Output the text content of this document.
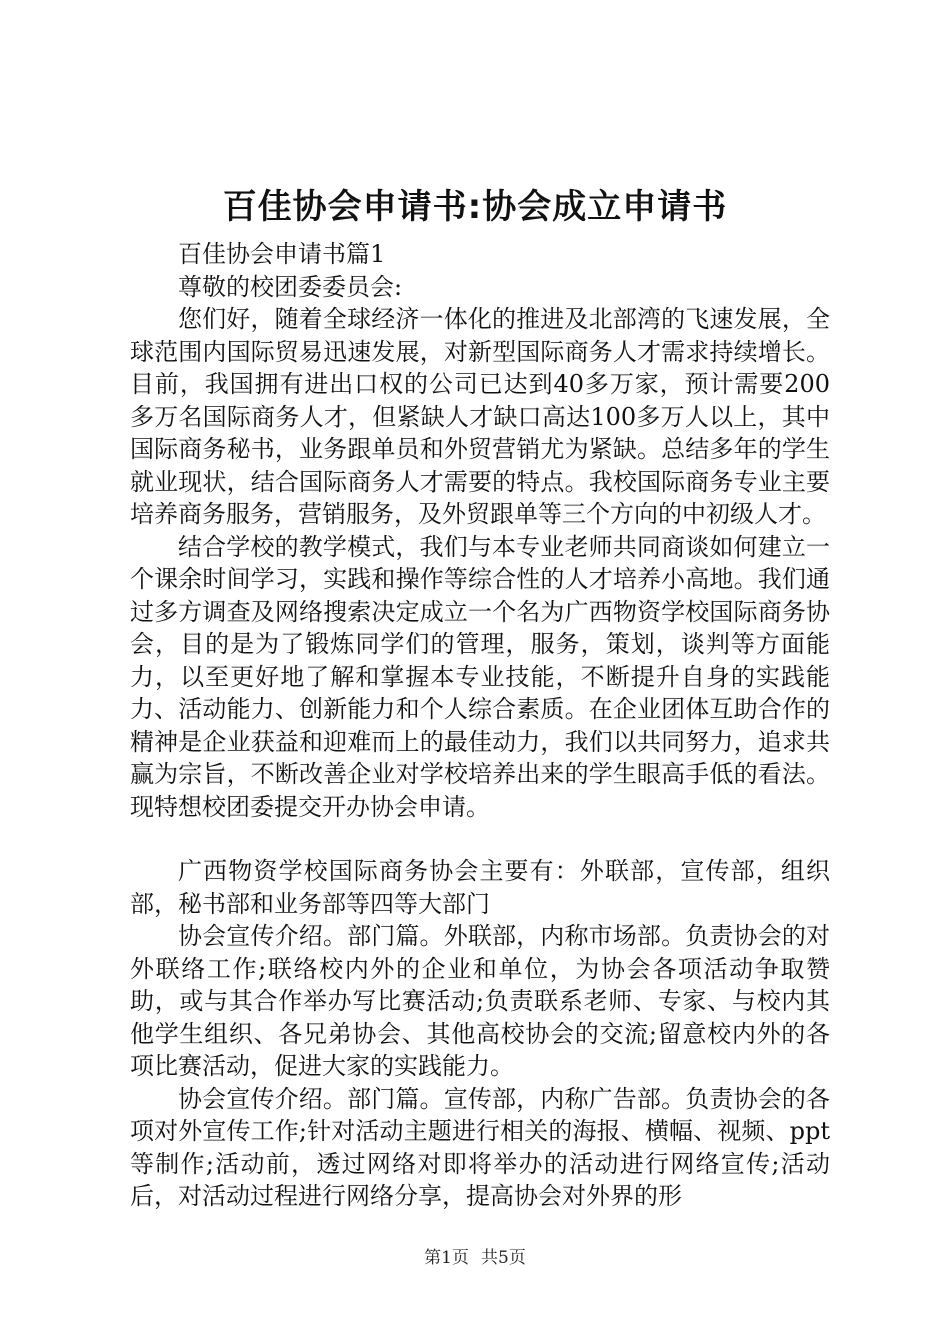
百佳协会申请书:协会成立申请书

百佳协会申请书篇1

尊敬的校团委委员会:

您们好，随着全球经济一体化的推进及北部湾的飞速发展，全球范围内国际贸易迅速发展，对新型国际商务人才需求持续增长。目前，我国拥有进出口权的公司已达到40多万家，预计需要200多万名国际商务人才，但紧缺人才缺口高达100多万人以上，其中国际商务秘书，业务跟单员和外贸营销尤为紧缺。总结多年的学生就业现状，结合国际商务人才需要的特点。我校国际商务专业主要培养商务服务，营销服务，及外贸跟单等三个方向的中初级人才。

结合学校的教学模式，我们与本专业老师共同商谈如何建立一个课余时间学习，实践和操作等综合性的人才培养小高地。我们通过多方调查及网络搜索决定成立一个名为广西物资学校国际商务协会，目的是为了锻炼同学们的管理，服务，策划，谈判等方面能力，以至更好地了解和掌握本专业技能，不断提升自身的实践能力、活动能力、创新能力和个人综合素质。在企业团体互助合作的精神是企业获益和迎难而上的最佳动力，我们以共同努力，追求共赢为宗旨，不断改善企业对学校培养出来的学生眼高手低的看法。现特想校团委提交开办协会申请。

广西物资学校国际商务协会主要有：外联部，宣传部，组织部，秘书部和业务部等四等大部门

协会宣传介绍。部门篇。外联部，内称市场部。负责协会的对外联络工作;联络校内外的企业和单位，为协会各项活动争取赞助，或与其合作举办写比赛活动;负责联系老师、专家、与校内其他学生组织、各兄弟协会、其他高校协会的交流;留意校内外的各项比赛活动，促进大家的实践能力。

协会宣传介绍。部门篇。宣传部，内称广告部。负责协会的各项对外宣传工作;针对活动主题进行相关的海报、横幅、视频、ppt等制作;活动前，透过网络对即将举办的活动进行网络宣传;活动后，对活动过程进行网络分享，提高协会对外界的形

第1页 共5页
